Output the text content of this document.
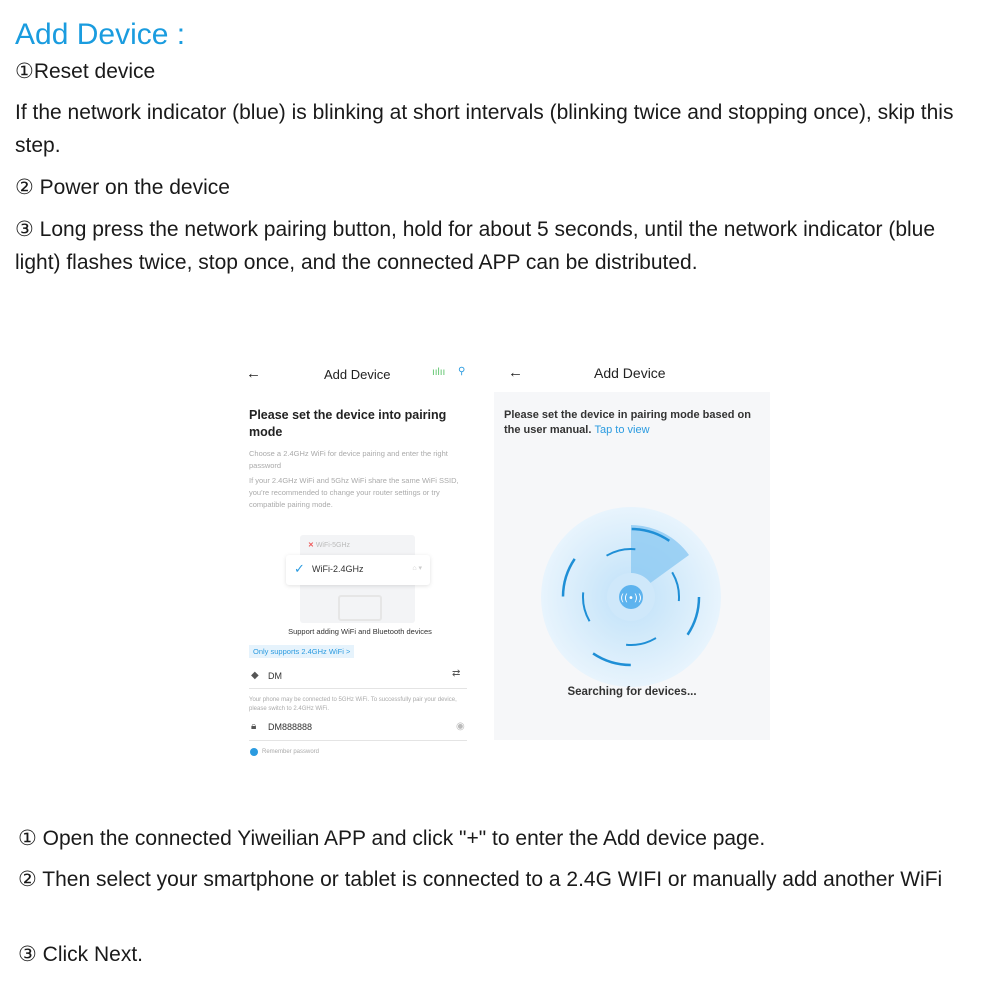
Add Device :

①Reset device

If the network indicator (blue) is blinking at short intervals (blinking twice and stopping once), skip this step.

② Power on the device

③ Long press the network pairing button, hold for about 5 seconds, until the network indicator (blue light) flashes twice, stop once, and the connected APP can be distributed.

←	Add Device	ıılıı ⚲
Please set the device into pairing mode
Choose a 2.4GHz WiFi for device pairing and enter the right password
If your 2.4GHz WiFi and 5Ghz WiFi share the same WiFi SSID, you're recommended to change your router settings or try compatible pairing mode.
✕ WiFi-5GHz
✓ WiFi-2.4GHz	⌂ ▾
Support adding WiFi and Bluetooth devices
Only supports 2.4GHz WiFi >
◆ DM	⇄
Your phone may be connected to 5GHz WiFi. To successfully pair your device, please switch to 2.4GHz WiFi.
🔒︎ DM888888	◉
Remember password
←	Add Device
Please set the device in pairing mode based on the user manual. Tap to view
((•))
Searching for devices...

① Open the connected Yiweilian APP and click "+" to enter the Add device page.

② Then select your smartphone or tablet is connected to a 2.4G WIFI or manually add another WiFi

③ Click Next.
